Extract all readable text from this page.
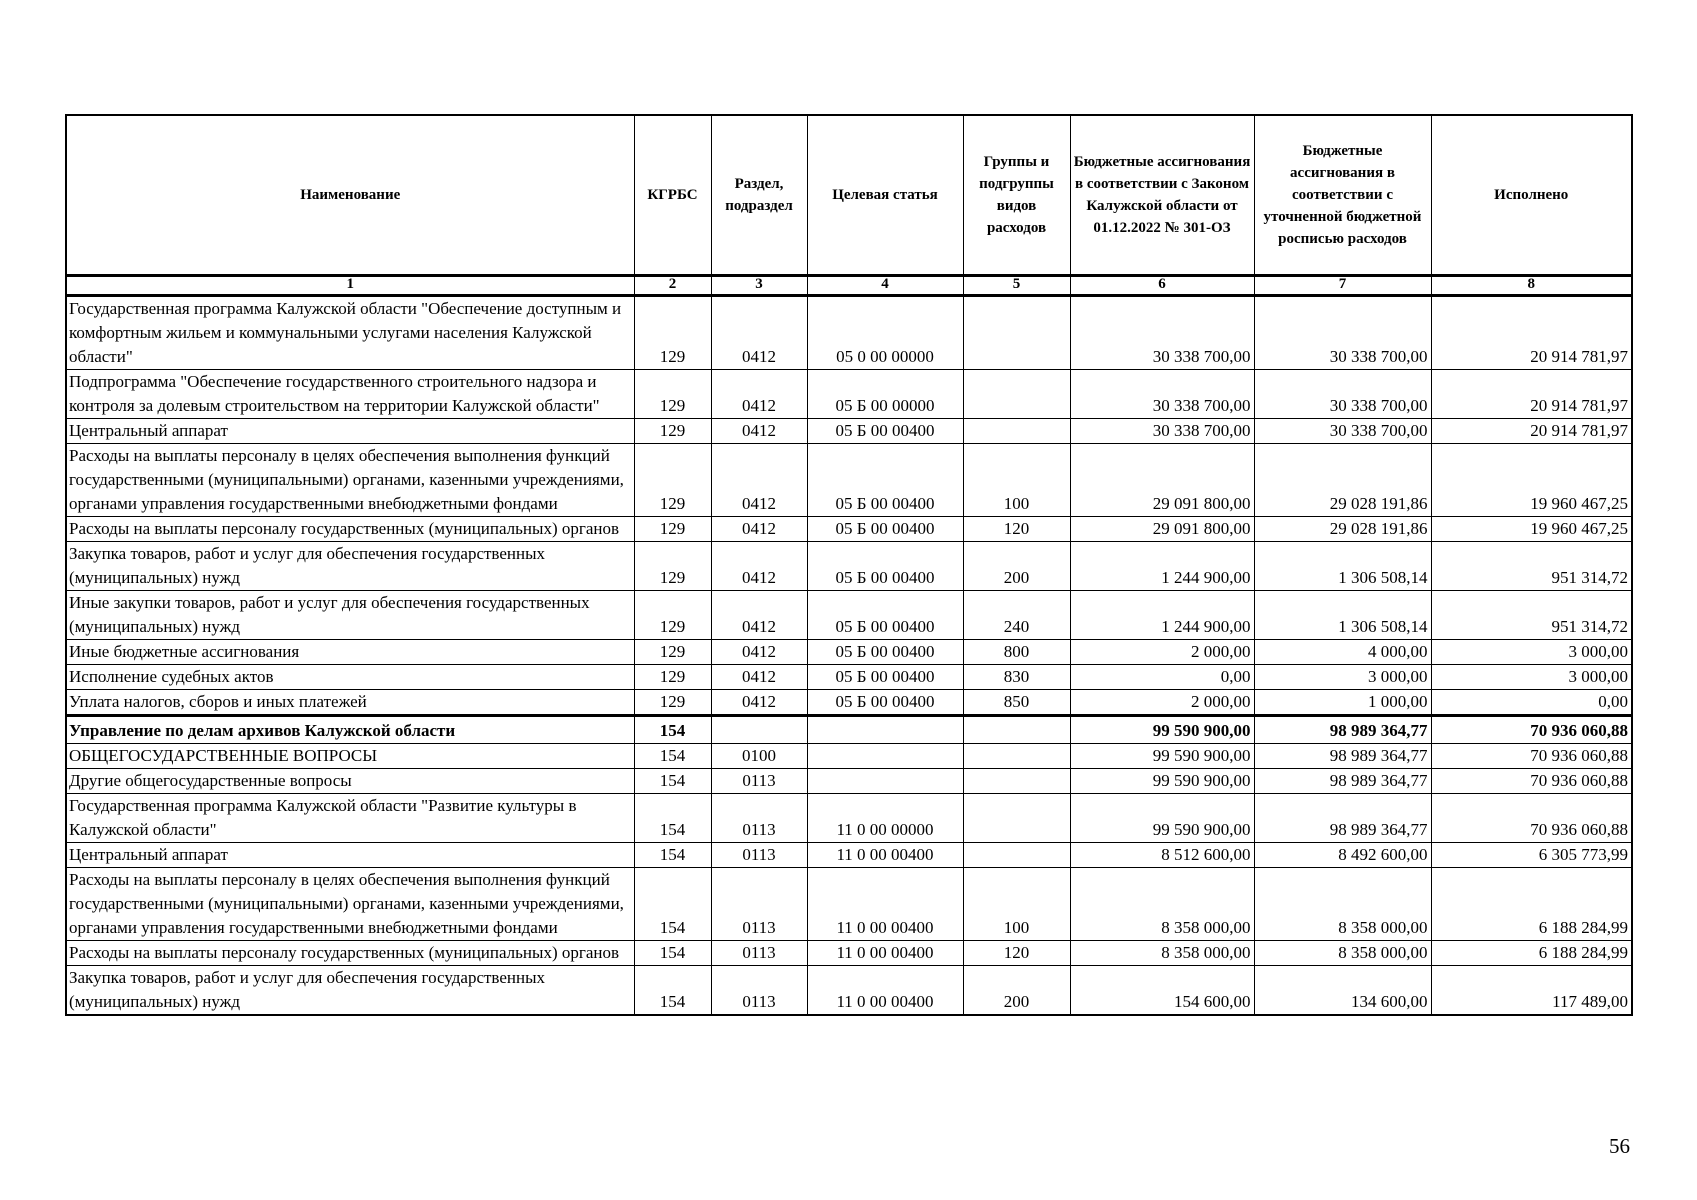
Наименование	КГРБС	Раздел, подраздел	Целевая статья	Группы и подгруппы видов расходов	Бюджетные ассигнования в соответствии с Законом Калужской области от 01.12.2022 № 301-ОЗ	Бюджетные ассигнования в соответствии с уточненной бюджетной росписью расходов	Исполнено
1	2	3	4	5	6	7	8
Государственная программа Калужской области "Обеспечение доступным и комфортным жильем и коммунальными услугами населения Калужской области"	129	0412	05 0 00 00000		30 338 700,00	30 338 700,00	20 914 781,97
Подпрограмма "Обеспечение государственного строительного надзора и контроля за долевым строительством на территории Калужской области"	129	0412	05 Б 00 00000		30 338 700,00	30 338 700,00	20 914 781,97
Центральный аппарат	129	0412	05 Б 00 00400		30 338 700,00	30 338 700,00	20 914 781,97
Расходы на выплаты персоналу в целях обеспечения выполнения функций государственными (муниципальными) органами, казенными учреждениями, органами управления государственными внебюджетными фондами	129	0412	05 Б 00 00400	100	29 091 800,00	29 028 191,86	19 960 467,25
Расходы на выплаты персоналу государственных (муниципальных) органов	129	0412	05 Б 00 00400	120	29 091 800,00	29 028 191,86	19 960 467,25
Закупка товаров, работ и услуг для обеспечения государственных (муниципальных) нужд	129	0412	05 Б 00 00400	200	1 244 900,00	1 306 508,14	951 314,72
Иные закупки товаров, работ и услуг для обеспечения государственных (муниципальных) нужд	129	0412	05 Б 00 00400	240	1 244 900,00	1 306 508,14	951 314,72
Иные бюджетные ассигнования	129	0412	05 Б 00 00400	800	2 000,00	4 000,00	3 000,00
Исполнение судебных актов	129	0412	05 Б 00 00400	830	0,00	3 000,00	3 000,00
Уплата налогов, сборов и иных платежей	129	0412	05 Б 00 00400	850	2 000,00	1 000,00	0,00
Управление по делам архивов Калужской области	154				99 590 900,00	98 989 364,77	70 936 060,88
ОБЩЕГОСУДАРСТВЕННЫЕ ВОПРОСЫ	154	0100			99 590 900,00	98 989 364,77	70 936 060,88
Другие общегосударственные вопросы	154	0113			99 590 900,00	98 989 364,77	70 936 060,88
Государственная программа Калужской области "Развитие культуры в Калужской области"	154	0113	11 0 00 00000		99 590 900,00	98 989 364,77	70 936 060,88
Центральный аппарат	154	0113	11 0 00 00400		8 512 600,00	8 492 600,00	6 305 773,99
Расходы на выплаты персоналу в целях обеспечения выполнения функций государственными (муниципальными) органами, казенными учреждениями, органами управления государственными внебюджетными фондами	154	0113	11 0 00 00400	100	8 358 000,00	8 358 000,00	6 188 284,99
Расходы на выплаты персоналу государственных (муниципальных) органов	154	0113	11 0 00 00400	120	8 358 000,00	8 358 000,00	6 188 284,99
Закупка товаров, работ и услуг для обеспечения государственных (муниципальных) нужд	154	0113	11 0 00 00400	200	154 600,00	134 600,00	117 489,00
56
